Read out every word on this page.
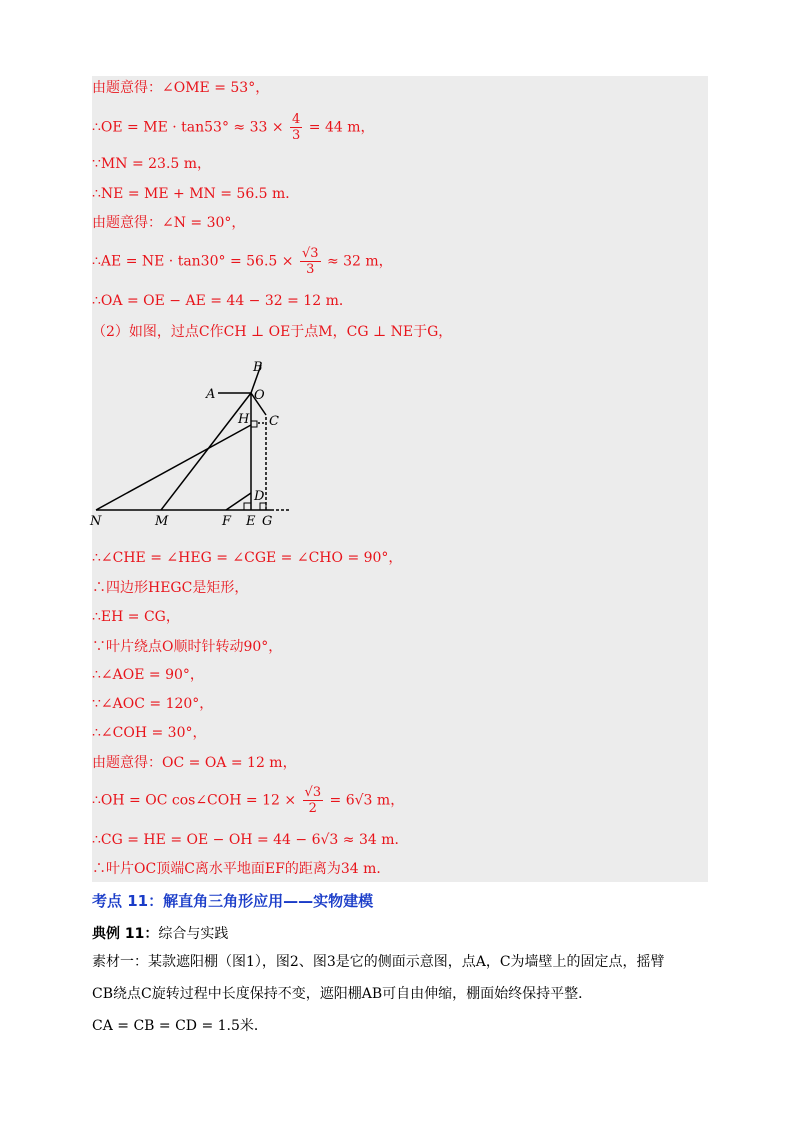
由题意得：∠OME = 53°，
∴OE = ME · $\tan 53^\circ \approx 33 \times \frac{4}{3} = 44$ m，
∵MN = 23.5 m，
∴NE = ME + MN = 56.5 m．
由题意得：∠N = 30°，
∴AE = NE · $\tan 30^\circ = 56.5 \times \frac{√3}{3} \approx 32$ m，
∴OA = OE − AE = 44 − 32 = 12 m．
（2）如图，过点C作CH ⊥ OE于点M，CG ⊥ NE于G，
B
A	O
H C
D
N	M	F E G
∴∠CHE = ∠HEG = ∠CGE = ∠CHO = 90°，
∴四边形HEGC是矩形，
∴EH = CG，
∵叶片绕点O顺时针转动90°，
∴∠AOE = 90°，
∵∠AOC = 120°，
∴∠COH = 30°，
由题意得：OC = OA = 12 m，
∴OH = OC cos∠COH = $12 \times \frac{√3}{2} = 6√3$ m，
∴CG = HE = OE − OH = 44 − 6√3 ≈ 34 m．
∴叶片OC顶端C离水平地面EF的距离为34 m．
考点 11：解直角三角形应用——实物建模
典例 11：综合与实践
素材一：某款遮阳棚（图1），图2、图3是它的侧面示意图，点A，C为墙壁上的固定点，摇臂
CB绕点C旋转过程中长度保持不变，遮阳棚AB可自由伸缩，棚面始终保持平整．
CA = CB = CD = 1.5米．
